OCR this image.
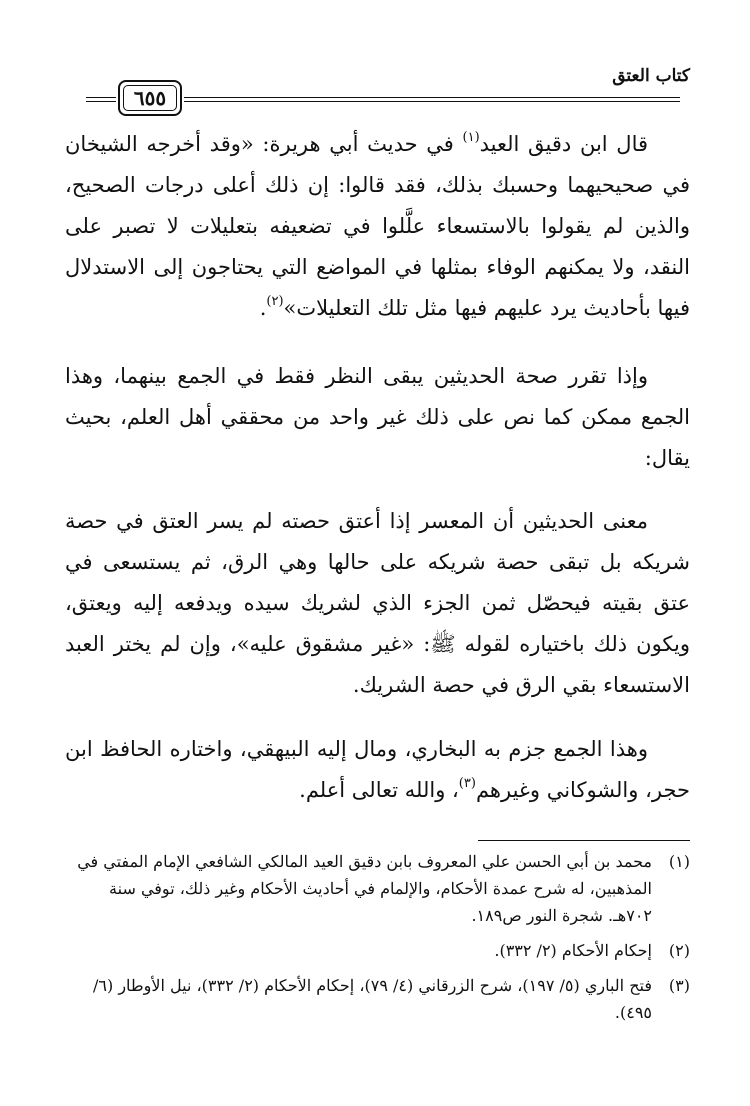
كتاب العتق
٦٥٥

قال ابن دقيق العيد$^{(١)}$ في حديث أبي هريرة: «وقد أخرجه الشيخان في صحيحيهما وحسبك بذلك، فقد قالوا: إن ذلك أعلى درجات الصحيح، والذين لم يقولوا بالاستسعاء علَّلوا في تضعيفه بتعليلات لا تصبر على النقد، ولا يمكنهم الوفاء بمثلها في المواضع التي يحتاجون إلى الاستدلال فيها بأحاديث يرد عليهم فيها مثل تلك التعليلات»$^{(٢)}$.

وإذا تقرر صحة الحديثين يبقى النظر فقط في الجمع بينهما، وهذا الجمع ممكن كما نص على ذلك غير واحد من محققي أهل العلم، بحيث يقال:

معنى الحديثين أن المعسر إذا أعتق حصته لم يسر العتق في حصة شريكه بل تبقى حصة شريكه على حالها وهي الرق، ثم يستسعى في عتق بقيته فيحصّل ثمن الجزء الذي لشريك سيده ويدفعه إليه ويعتق، ويكون ذلك باختياره لقوله ﷺ: «غير مشقوق عليه»، وإن لم يختر العبد الاستسعاء بقي الرق في حصة الشريك.

وهذا الجمع جزم به البخاري، ومال إليه البيهقي، واختاره الحافظ ابن حجر، والشوكاني وغيرهم$^{(٣)}$، والله تعالى أعلم.

(١)
محمد بن أبي الحسن علي المعروف بابن دقيق العيد المالكي الشافعي الإمام المفتي في المذهبين، له شرح عمدة الأحكام، والإلمام في أحاديث الأحكام وغير ذلك، توفي سنة ٧٠٢هـ. شجرة النور ص١٨٩.
(٢)
إحكام الأحكام (٢/ ٣٣٢).
(٣)
فتح الباري (٥/ ١٩٧)، شرح الزرقاني (٤/ ٧٩)، إحكام الأحكام (٢/ ٣٣٢)، نيل الأوطار (٦/ ٤٩٥).
